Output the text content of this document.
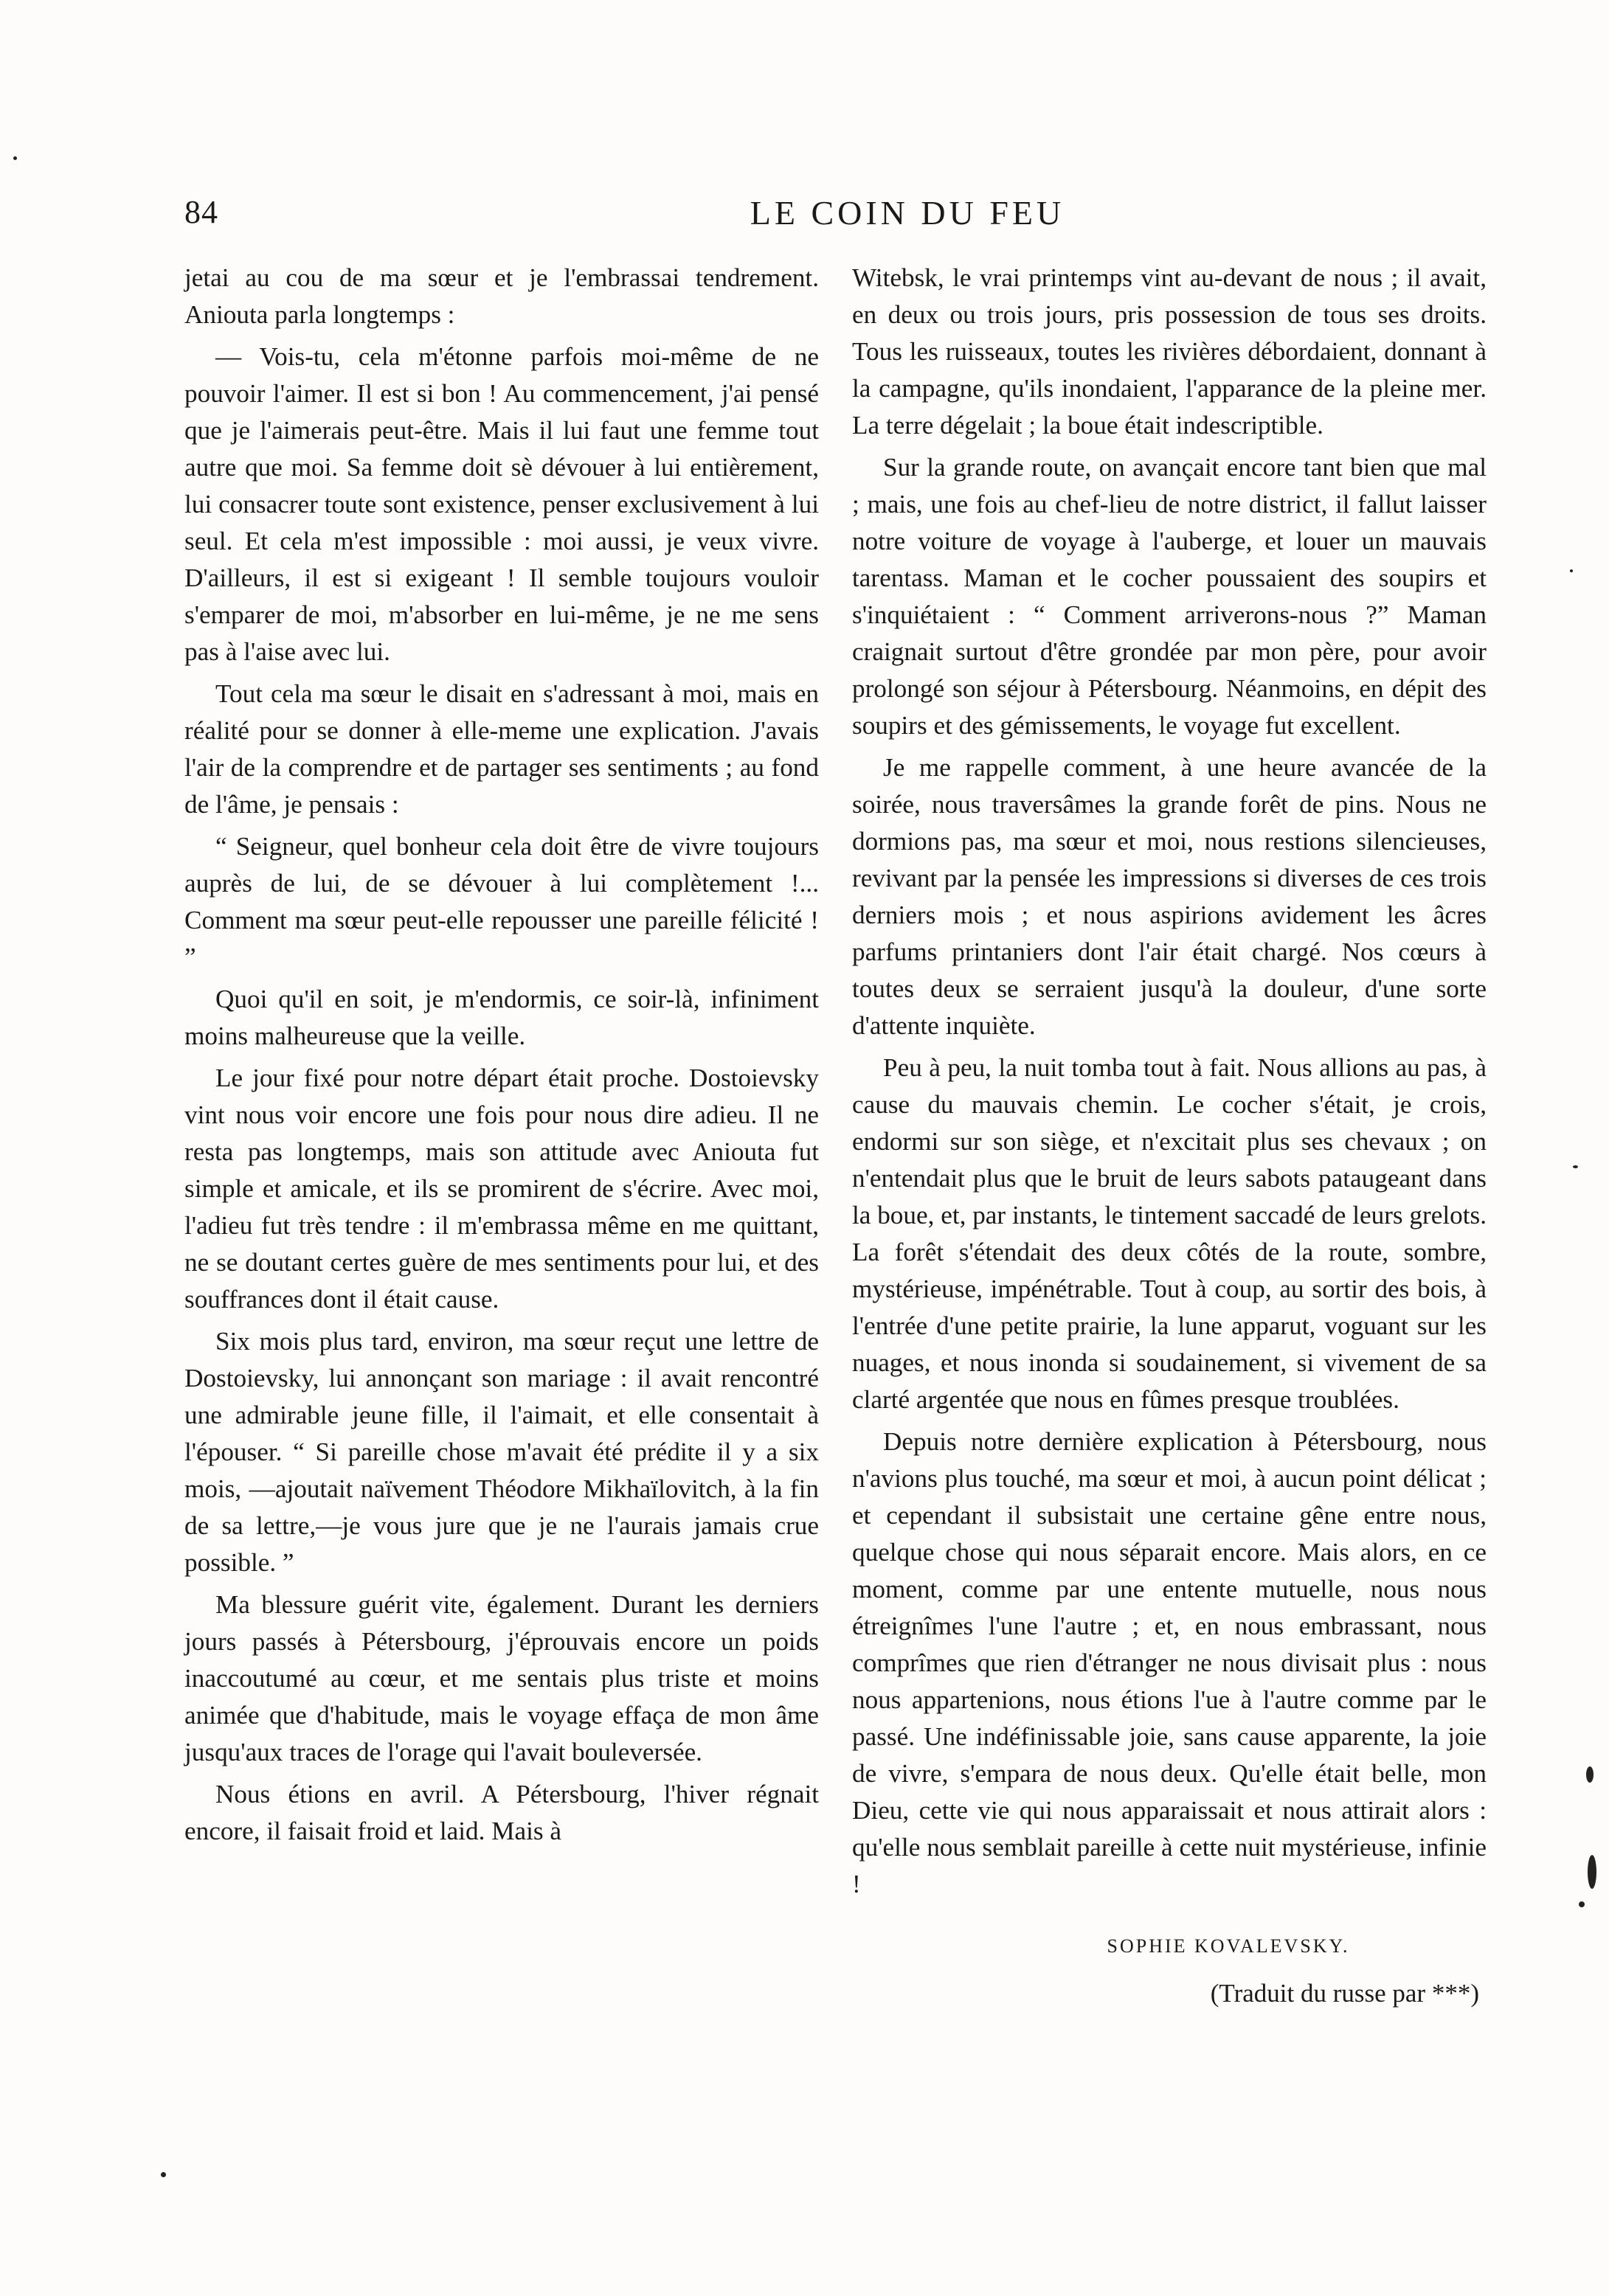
84	LE COIN DU FEU

jetai au cou de ma sœur et je l'embrassai tendrement. Aniouta parla longtemps :

— Vois-tu, cela m'étonne parfois moi-même de ne pouvoir l'aimer. Il est si bon ! Au commencement, j'ai pensé que je l'aimerais peut-être. Mais il lui faut une femme tout autre que moi. Sa femme doit sè dévouer à lui entièrement, lui consacrer toute sont existence, penser exclusivement à lui seul. Et cela m'est impossible : moi aussi, je veux vivre. D'ailleurs, il est si exigeant ! Il semble toujours vouloir s'emparer de moi, m'absorber en lui-même, je ne me sens pas à l'aise avec lui.

Tout cela ma sœur le disait en s'adressant à moi, mais en réalité pour se donner à elle-meme une explication. J'avais l'air de la comprendre et de partager ses sentiments ; au fond de l'âme, je pensais :

“ Seigneur, quel bonheur cela doit être de vivre toujours auprès de lui, de se dévouer à lui complètement !... Comment ma sœur peut-elle repousser une pareille félicité ! ”

Quoi qu'il en soit, je m'endormis, ce soir-là, infiniment moins malheureuse que la veille.

Le jour fixé pour notre départ était proche. Dostoievsky vint nous voir encore une fois pour nous dire adieu. Il ne resta pas longtemps, mais son attitude avec Aniouta fut simple et amicale, et ils se promirent de s'écrire. Avec moi, l'adieu fut très tendre : il m'embrassa même en me quittant, ne se doutant certes guère de mes sentiments pour lui, et des souffrances dont il était cause.

Six mois plus tard, environ, ma sœur reçut une lettre de Dostoievsky, lui annonçant son mariage : il avait rencontré une admirable jeune fille, il l'aimait, et elle consentait à l'épouser. “ Si pareille chose m'avait été prédite il y a six mois, —ajoutait naïvement Théodore Mikhaïlovitch, à la fin de sa lettre,—je vous jure que je ne l'aurais jamais crue possible. ”

Ma blessure guérit vite, également. Durant les derniers jours passés à Pétersbourg, j'éprouvais encore un poids inaccoutumé au cœur, et me sentais plus triste et moins animée que d'habitude, mais le voyage effaça de mon âme jusqu'aux traces de l'orage qui l'avait bouleversée.

Nous étions en avril. A Pétersbourg, l'hiver régnait encore, il faisait froid et laid. Mais à

Witebsk, le vrai printemps vint au-devant de nous ; il avait, en deux ou trois jours, pris possession de tous ses droits. Tous les ruisseaux, toutes les rivières débordaient, donnant à la campagne, qu'ils inondaient, l'apparance de la pleine mer. La terre dégelait ; la boue était indescriptible.

Sur la grande route, on avançait encore tant bien que mal ; mais, une fois au chef-lieu de notre district, il fallut laisser notre voiture de voyage à l'auberge, et louer un mauvais tarentass. Maman et le cocher poussaient des soupirs et s'inquiétaient : “ Comment arriverons-nous ?” Maman craignait surtout d'être grondée par mon père, pour avoir prolongé son séjour à Pétersbourg. Néanmoins, en dépit des soupirs et des gémissements, le voyage fut excellent.

Je me rappelle comment, à une heure avancée de la soirée, nous traversâmes la grande forêt de pins. Nous ne dormions pas, ma sœur et moi, nous restions silencieuses, revivant par la pensée les impressions si diverses de ces trois derniers mois ; et nous aspirions avidement les âcres parfums printaniers dont l'air était chargé. Nos cœurs à toutes deux se serraient jusqu'à la douleur, d'une sorte d'attente inquiète.

Peu à peu, la nuit tomba tout à fait. Nous allions au pas, à cause du mauvais chemin. Le cocher s'était, je crois, endormi sur son siège, et n'excitait plus ses chevaux ; on n'entendait plus que le bruit de leurs sabots pataugeant dans la boue, et, par instants, le tintement saccadé de leurs grelots. La forêt s'étendait des deux côtés de la route, sombre, mystérieuse, impénétrable. Tout à coup, au sortir des bois, à l'entrée d'une petite prairie, la lune apparut, voguant sur les nuages, et nous inonda si soudainement, si vivement de sa clarté argentée que nous en fûmes presque troublées.

Depuis notre dernière explication à Pétersbourg, nous n'avions plus touché, ma sœur et moi, à aucun point délicat ; et cependant il subsistait une certaine gêne entre nous, quelque chose qui nous séparait encore. Mais alors, en ce moment, comme par une entente mutuelle, nous nous étreignîmes l'une l'autre ; et, en nous embrassant, nous comprîmes que rien d'étranger ne nous divisait plus : nous nous appartenions, nous étions l'ue à l'autre comme par le passé. Une indéfinissable joie, sans cause apparente, la joie de vivre, s'empara de nous deux. Qu'elle était belle, mon Dieu, cette vie qui nous apparaissait et nous attirait alors : qu'elle nous semblait pareille à cette nuit mystérieuse, infinie !

SOPHIE KOVALEVSKY.
(Traduit du russe par ***)
